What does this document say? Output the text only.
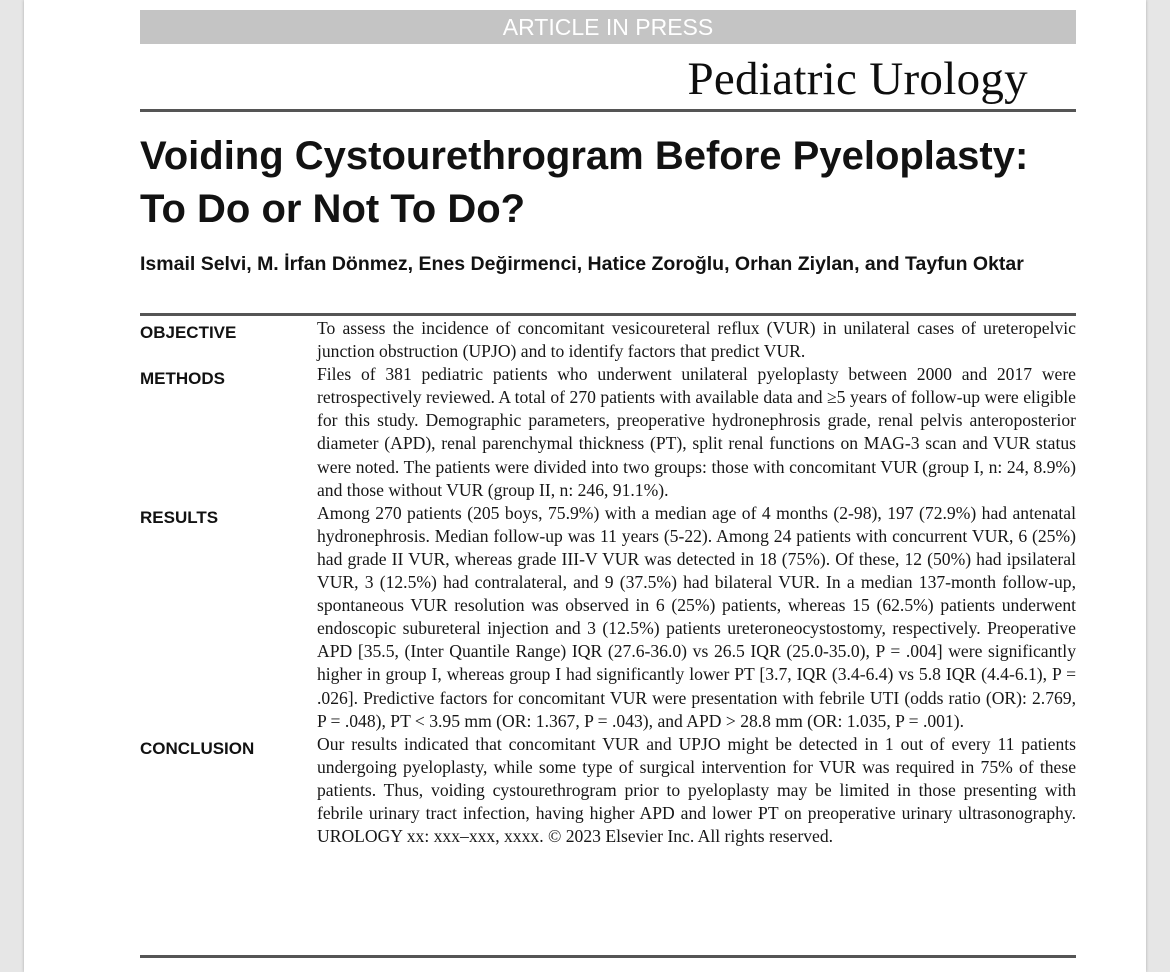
ARTICLE IN PRESS
Pediatric Urology
Voiding Cystourethrogram Before Pyeloplasty: To Do or Not To Do?

Ismail Selvi, M. İrfan Dönmez, Enes Değirmenci, Hatice Zoroğlu, Orhan Ziylan, and Tayfun Oktar

OBJECTIVE	To assess the incidence of concomitant vesicoureteral reflux (VUR) in unilateral cases of ureteropelvic junction obstruction (UPJO) and to identify factors that predict VUR.

METHODS	Files of 381 pediatric patients who underwent unilateral pyeloplasty between 2000 and 2017 were retrospectively reviewed. A total of 270 patients with available data and ≥5 years of follow-up were eligible for this study. Demographic parameters, preoperative hydronephrosis grade, renal pelvis anteroposterior diameter (APD), renal parenchymal thickness (PT), split renal functions on MAG-3 scan and VUR status were noted. The patients were divided into two groups: those with concomitant VUR (group I, n: 24, 8.9%) and those without VUR (group II, n: 246, 91.1%).

RESULTS	Among 270 patients (205 boys, 75.9%) with a median age of 4 months (2-98), 197 (72.9%) had antenatal hydronephrosis. Median follow-up was 11 years (5-22). Among 24 patients with concurrent VUR, 6 (25%) had grade II VUR, whereas grade III-V VUR was detected in 18 (75%). Of these, 12 (50%) had ipsilateral VUR, 3 (12.5%) had contralateral, and 9 (37.5%) had bilateral VUR. In a median 137-month follow-up, spontaneous VUR resolution was observed in 6 (25%) patients, whereas 15 (62.5%) patients underwent endoscopic subureteral injection and 3 (12.5%) patients ureteroneocystostomy, respectively. Preoperative APD [35.5, (Inter Quantile Range) IQR (27.6-36.0) vs 26.5 IQR (25.0-35.0), P = .004] were significantly higher in group I, whereas group I had significantly lower PT [3.7, IQR (3.4-6.4) vs 5.8 IQR (4.4-6.1), P = .026]. Predictive factors for concomitant VUR were presentation with febrile UTI (odds ratio (OR): 2.769, P = .048), PT < 3.95 mm (OR: 1.367, P = .043), and APD > 28.8 mm (OR: 1.035, P = .001).

CONCLUSION	Our results indicated that concomitant VUR and UPJO might be detected in 1 out of every 11 patients undergoing pyeloplasty, while some type of surgical intervention for VUR was required in 75% of these patients. Thus, voiding cystourethrogram prior to pyeloplasty may be limited in those presenting with febrile urinary tract infection, having higher APD and lower PT on preoperative urinary ultrasonography. UROLOGY xx: xxx–xxx, xxxx. © 2023 Elsevier Inc. All rights reserved.
